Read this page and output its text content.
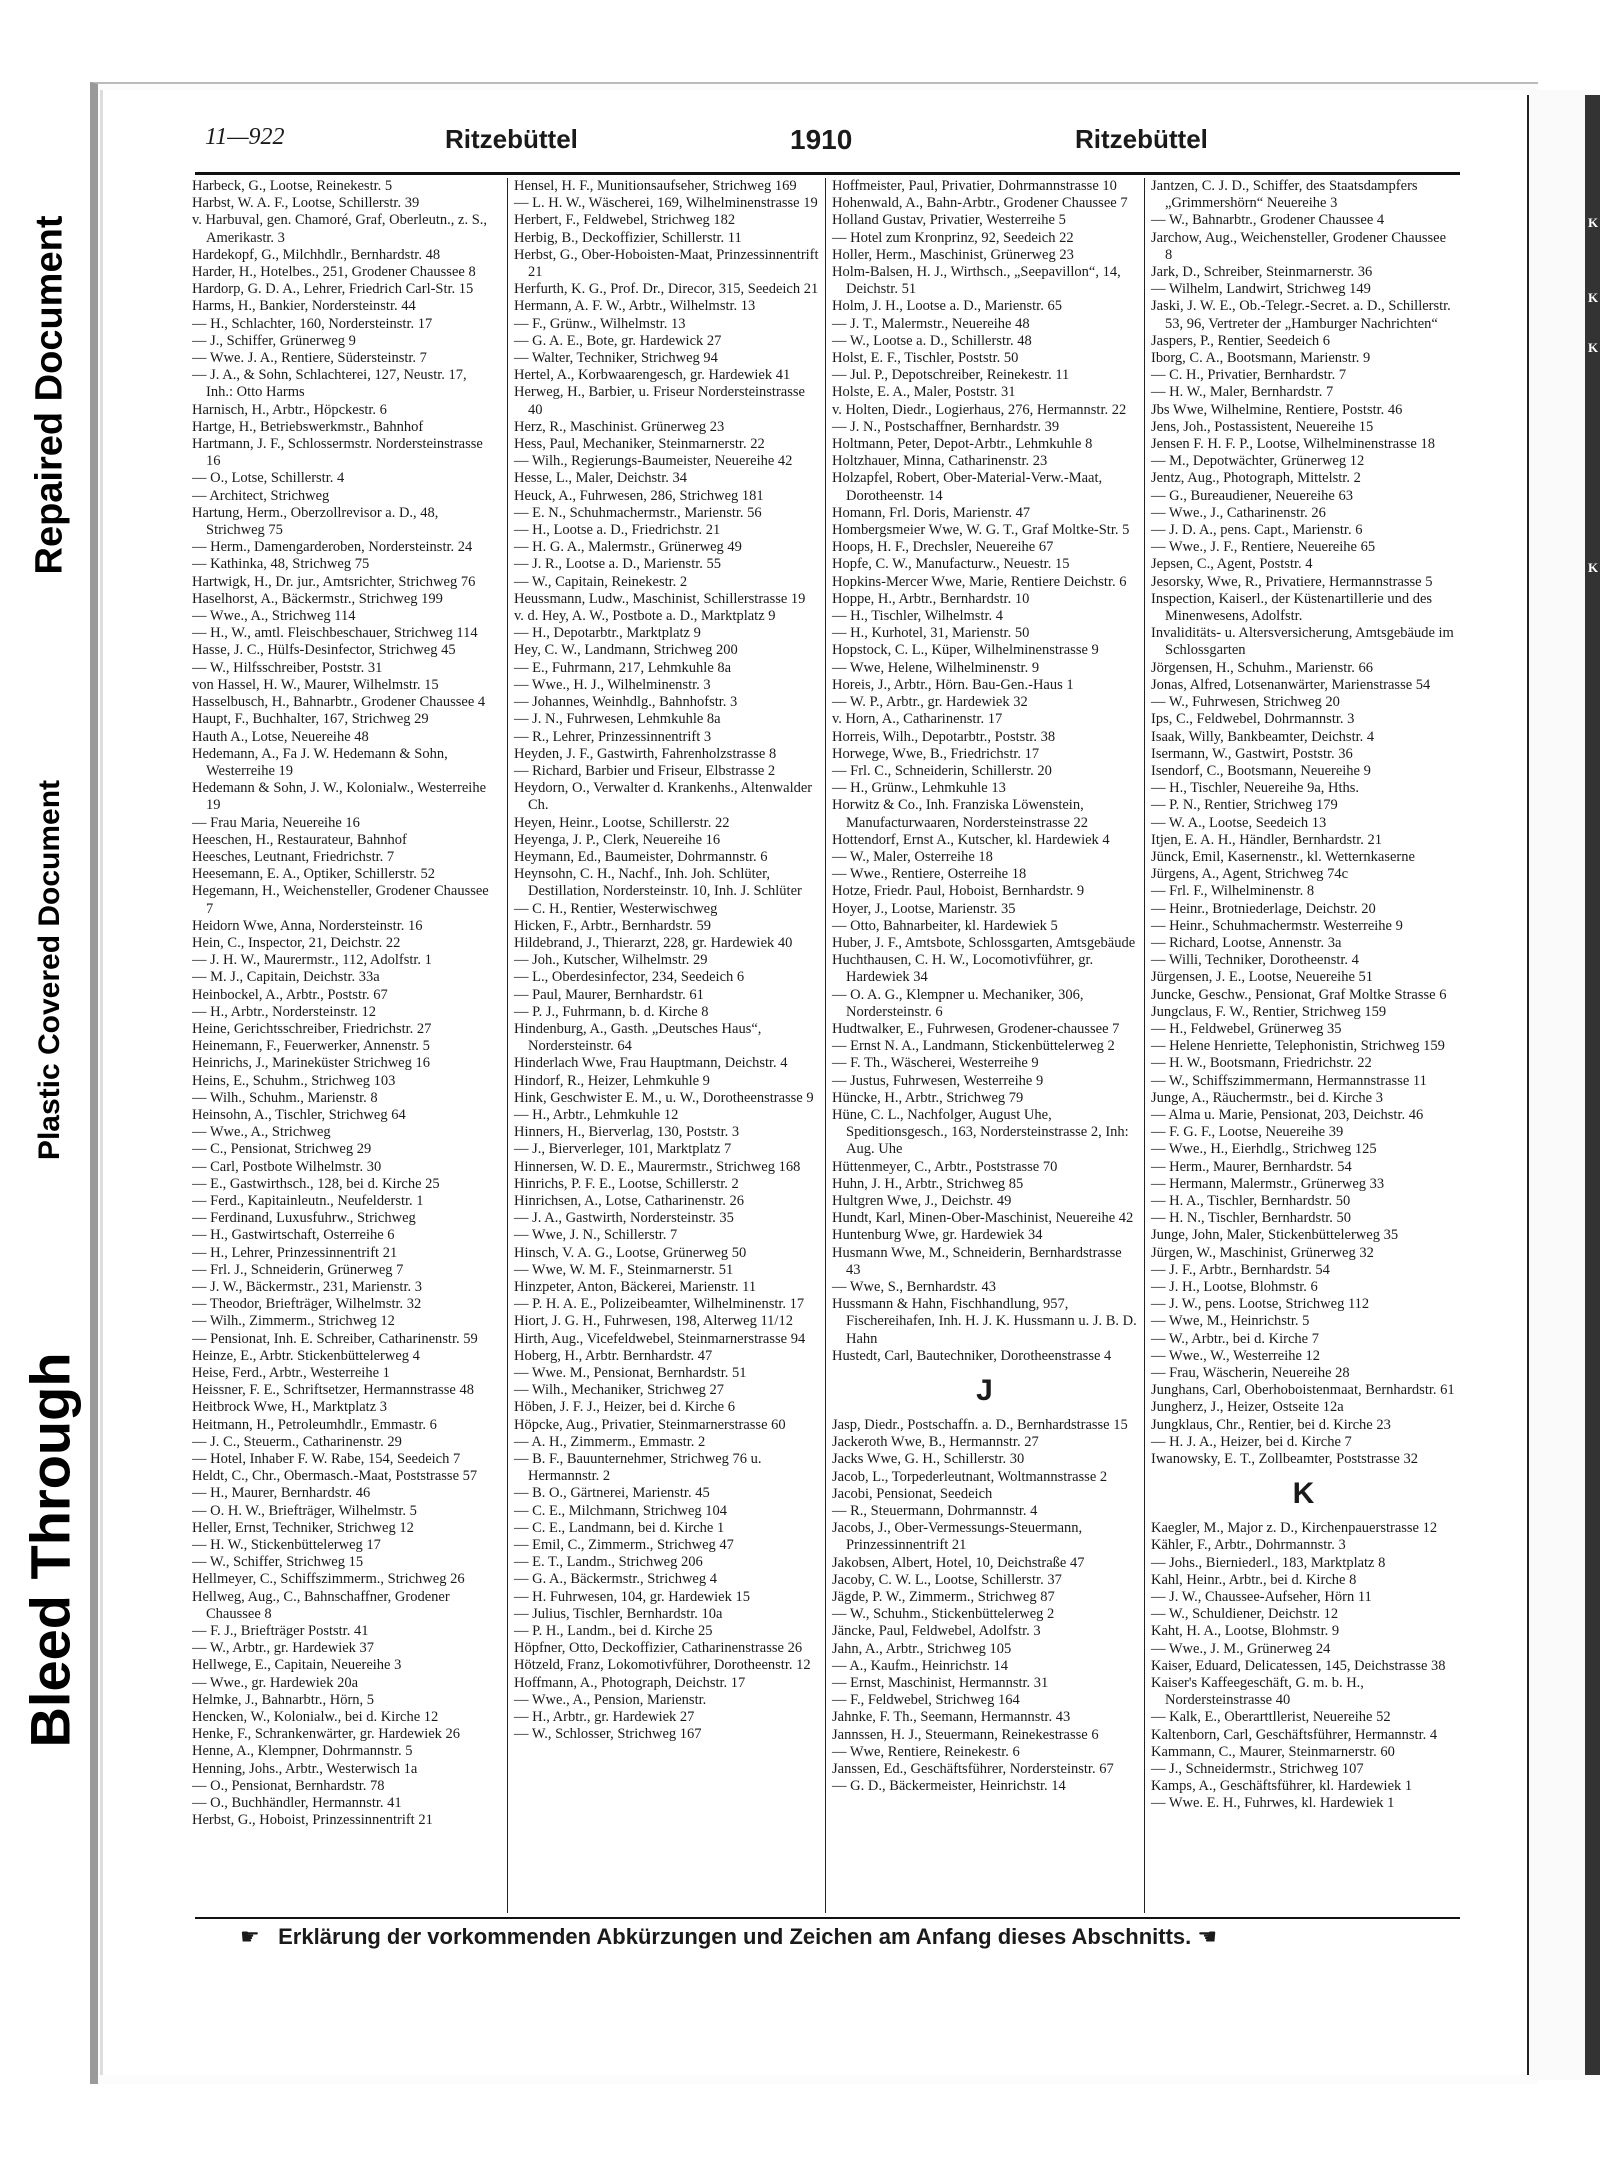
Repaired Document
Plastic Covered Document
Bleed Through
K
K
K
K
11—922	Ritzebüttel	1910	Ritzebüttel

Harbeck, G., Lootse, Reinekestr. 5

Harbst, W. A. F., Lootse, Schillerstr. 39

v. Harbuval, gen. Chamoré, Graf, Oberleutn., z. S., Amerikastr. 3

Hardekopf, G., Milchhdlr., Bernhardstr. 48

Harder, H., Hotelbes., 251, Grodener Chaussee 8

Hardorp, G. D. A., Lehrer, Friedrich Carl-Str. 15

Harms, H., Bankier, Nordersteinstr. 44

— H., Schlachter, 160, Nordersteinstr. 17

— J., Schiffer, Grünerweg 9

— Wwe. J. A., Rentiere, Südersteinstr. 7

— J. A., & Sohn, Schlachterei, 127, Neustr. 17, Inh.: Otto Harms

Harnisch, H., Arbtr., Höpckestr. 6

Hartge, H., Betriebswerkmstr., Bahnhof

Hartmann, J. F., Schlossermstr. Nordersteinstrasse 16

— O., Lotse, Schillerstr. 4

— Architect, Strichweg

Hartung, Herm., Oberzollrevisor a. D., 48, Strichweg 75

— Herm., Damengarderoben, Nordersteinstr. 24

— Kathinka, 48, Strichweg 75

Hartwigk, H., Dr. jur., Amtsrichter, Strichweg 76

Haselhorst, A., Bäckermstr., Strichweg 199

— Wwe., A., Strichweg 114

— H., W., amtl. Fleischbeschauer, Strichweg 114

Hasse, J. C., Hülfs-Desinfector, Strichweg 45

— W., Hilfsschreiber, Poststr. 31

von Hassel, H. W., Maurer, Wilhelmstr. 15

Hasselbusch, H., Bahnarbtr., Grodener Chaussee 4

Haupt, F., Buchhalter, 167, Strichweg 29

Hauth A., Lotse, Neuereihe 48

Hedemann, A., Fa J. W. Hedemann & Sohn, Westerreihe 19

Hedemann & Sohn, J. W., Kolonialw., Westerreihe 19

— Frau Maria, Neuereihe 16

Heeschen, H., Restaurateur, Bahnhof

Heesches, Leutnant, Friedrichstr. 7

Heesemann, E. A., Optiker, Schillerstr. 52

Hegemann, H., Weichensteller, Grodener Chaussee 7

Heidorn Wwe, Anna, Nordersteinstr. 16

Hein, C., Inspector, 21, Deichstr. 22

— J. H. W., Maurermstr., 112, Adolfstr. 1

— M. J., Capitain, Deichstr. 33a

Heinbockel, A., Arbtr., Poststr. 67

— H., Arbtr., Nordersteinstr. 12

Heine, Gerichtsschreiber, Friedrichstr. 27

Heinemann, F., Feuerwerker, Annenstr. 5

Heinrichs, J., Marineküster Strichweg 16

Heins, E., Schuhm., Strichweg 103

— Wilh., Schuhm., Marienstr. 8

Heinsohn, A., Tischler, Strichweg 64

— Wwe., A., Strichweg

— C., Pensionat, Strichweg 29

— Carl, Postbote Wilhelmstr. 30

— E., Gastwirthsch., 128, bei d. Kirche 25

— Ferd., Kapitainleutn., Neufelderstr. 1

— Ferdinand, Luxusfuhrw., Strichweg

— H., Gastwirtschaft, Osterreihe 6

— H., Lehrer, Prinzessinnentrift 21

— Frl. J., Schneiderin, Grünerweg 7

— J. W., Bäckermstr., 231, Marienstr. 3

— Theodor, Briefträger, Wilhelmstr. 32

— Wilh., Zimmerm., Strichweg 12

— Pensionat, Inh. E. Schreiber, Catharinenstr. 59

Heinze, E., Arbtr. Stickenbüttelerweg 4

Heise, Ferd., Arbtr., Westerreihe 1

Heissner, F. E., Schriftsetzer, Hermannstrasse 48

Heitbrock Wwe, H., Marktplatz 3

Heitmann, H., Petroleumhdlr., Emmastr. 6

— J. C., Steuerm., Catharinenstr. 29

— Hotel, Inhaber F. W. Rabe, 154, Seedeich 7

Heldt, C., Chr., Obermasch.-Maat, Poststrasse 57

— H., Maurer, Bernhardstr. 46

— O. H. W., Briefträger, Wilhelmstr. 5

Heller, Ernst, Techniker, Strichweg 12

— H. W., Stickenbüttelerweg 17

— W., Schiffer, Strichweg 15

Hellmeyer, C., Schiffszimmerm., Strichweg 26

Hellweg, Aug., C., Bahnschaffner, Grodener Chaussee 8

— F. J., Briefträger Poststr. 41

— W., Arbtr., gr. Hardewiek 37

Hellwege, E., Capitain, Neuereihe 3

— Wwe., gr. Hardewiek 20a

Helmke, J., Bahnarbtr., Hörn, 5

Hencken, W., Kolonialw., bei d. Kirche 12

Henke, F., Schrankenwärter, gr. Hardewiek 26

Henne, A., Klempner, Dohrmannstr. 5

Henning, Johs., Arbtr., Westerwisch 1a

— O., Pensionat, Bernhardstr. 78

— O., Buchhändler, Hermannstr. 41

Herbst, G., Hoboist, Prinzessinnentrift 21

Hensel, H. F., Munitionsaufseher, Strichweg 169

— L. H. W., Wäscherei, 169, Wilhelminenstrasse 19

Herbert, F., Feldwebel, Strichweg 182

Herbig, B., Deckoffizier, Schillerstr. 11

Herbst, G., Ober-Hoboisten-Maat, Prinzessinnentrift 21

Herfurth, K. G., Prof. Dr., Direcor, 315, Seedeich 21

Hermann, A. F. W., Arbtr., Wilhelmstr. 13

— F., Grünw., Wilhelmstr. 13

— G. A. E., Bote, gr. Hardewick 27

— Walter, Techniker, Strichweg 94

Hertel, A., Korbwaarengesch, gr. Hardewiek 41

Herweg, H., Barbier, u. Friseur Nordersteinstrasse 40

Herz, R., Maschinist. Grünerweg 23

Hess, Paul, Mechaniker, Steinmarnerstr. 22

— Wilh., Regierungs-Baumeister, Neuereihe 42

Hesse, L., Maler, Deichstr. 34

Heuck, A., Fuhrwesen, 286, Strichweg 181

— E. N., Schuhmachermstr., Marienstr. 56

— H., Lootse a. D., Friedrichstr. 21

— H. G. A., Malermstr., Grünerweg 49

— J. R., Lootse a. D., Marienstr. 55

— W., Capitain, Reinekestr. 2

Heussmann, Ludw., Maschinist, Schillerstrasse 19

v. d. Hey, A. W., Postbote a. D., Marktplatz 9

— H., Depotarbtr., Marktplatz 9

Hey, C. W., Landmann, Strichweg 200

— E., Fuhrmann, 217, Lehmkuhle 8a

— Wwe., H. J., Wilhelminenstr. 3

— Johannes, Weinhdlg., Bahnhofstr. 3

— J. N., Fuhrwesen, Lehmkuhle 8a

— R., Lehrer, Prinzessinnentrift 3

Heyden, J. F., Gastwirth, Fahrenholzstrasse 8

— Richard, Barbier und Friseur, Elbstrasse 2

Heydorn, O., Verwalter d. Krankenhs., Altenwalder Ch.

Heyen, Heinr., Lootse, Schillerstr. 22

Heyenga, J. P., Clerk, Neuereihe 16

Heymann, Ed., Baumeister, Dohrmannstr. 6

Heynsohn, C. H., Nachf., Inh. Joh. Schlüter, Destillation, Nordersteinstr. 10, Inh. J. Schlüter

— C. H., Rentier, Westerwischweg

Hicken, F., Arbtr., Bernhardstr. 59

Hildebrand, J., Thierarzt, 228, gr. Hardewiek 40

— Joh., Kutscher, Wilhelmstr. 29

— L., Oberdesinfector, 234, Seedeich 6

— Paul, Maurer, Bernhardstr. 61

— P. J., Fuhrmann, b. d. Kirche 8

Hindenburg, A., Gasth. „Deutsches Haus“, Nordersteinstr. 64

Hinderlach Wwe, Frau Hauptmann, Deichstr. 4

Hindorf, R., Heizer, Lehmkuhle 9

Hink, Geschwister E. M., u. W., Dorotheenstrasse 9

— H., Arbtr., Lehmkuhle 12

Hinners, H., Bierverlag, 130, Poststr. 3

— J., Bierverleger, 101, Marktplatz 7

Hinnersen, W. D. E., Maurermstr., Strichweg 168

Hinrichs, P. F. E., Lootse, Schillerstr. 2

Hinrichsen, A., Lotse, Catharinenstr. 26

— J. A., Gastwirth, Nordersteinstr. 35

— Wwe, J. N., Schillerstr. 7

Hinsch, V. A. G., Lootse, Grünerweg 50

— Wwe, W. M. F., Steinmarnerstr. 51

Hinzpeter, Anton, Bäckerei, Marienstr. 11

— P. H. A. E., Polizeibeamter, Wilhelminenstr. 17

Hiort, J. G. H., Fuhrwesen, 198, Alterweg 11/12

Hirth, Aug., Vicefeldwebel, Steinmarnerstrasse 94

Hoberg, H., Arbtr. Bernhardstr. 47

— Wwe. M., Pensionat, Bernhardstr. 51

— Wilh., Mechaniker, Strichweg 27

Höben, J. F. J., Heizer, bei d. Kirche 6

Höpcke, Aug., Privatier, Steinmarnerstrasse 60

— A. H., Zimmerm., Emmastr. 2

— B. F., Bauunternehmer, Strichweg 76 u. Hermannstr. 2

— B. O., Gärtnerei, Marienstr. 45

— C. E., Milchmann, Strichweg 104

— C. E., Landmann, bei d. Kirche 1

— Emil, C., Zimmerm., Strichweg 47

— E. T., Landm., Strichweg 206

— G. A., Bäckermstr., Strichweg 4

— H. Fuhrwesen, 104, gr. Hardewiek 15

— Julius, Tischler, Bernhardstr. 10a

— P. H., Landm., bei d. Kirche 25

Höpfner, Otto, Deckoffizier, Catharinenstrasse 26

Hötzeld, Franz, Lokomotivführer, Dorotheenstr. 12

Hoffmann, A., Photograph, Deichstr. 17

— Wwe., A., Pension, Marienstr.

— H., Arbtr., gr. Hardewiek 27

— W., Schlosser, Strichweg 167

Hoffmeister, Paul, Privatier, Dohrmannstrasse 10

Hohenwald, A., Bahn-Arbtr., Grodener Chaussee 7

Holland Gustav, Privatier, Westerreihe 5

— Hotel zum Kronprinz, 92, Seedeich 22

Holler, Herm., Maschinist, Grünerweg 23

Holm-Balsen, H. J., Wirthsch., „Seepavillon“, 14, Deichstr. 51

Holm, J. H., Lootse a. D., Marienstr. 65

— J. T., Malermstr., Neuereihe 48

— W., Lootse a. D., Schillerstr. 48

Holst, E. F., Tischler, Poststr. 50

— Jul. P., Depotschreiber, Reinekestr. 11

Holste, E. A., Maler, Poststr. 31

v. Holten, Diedr., Logierhaus, 276, Hermannstr. 22

— J. N., Postschaffner, Bernhardstr. 39

Holtmann, Peter, Depot-Arbtr., Lehmkuhle 8

Holtzhauer, Minna, Catharinenstr. 23

Holzapfel, Robert, Ober-Material-Verw.-Maat, Dorotheenstr. 14

Homann, Frl. Doris, Marienstr. 47

Hombergsmeier Wwe, W. G. T., Graf Moltke-Str. 5

Hoops, H. F., Drechsler, Neuereihe 67

Hopfe, C. W., Manufacturw., Neuestr. 15

Hopkins-Mercer Wwe, Marie, Rentiere Deichstr. 6

Hoppe, H., Arbtr., Bernhardstr. 10

— H., Tischler, Wilhelmstr. 4

— H., Kurhotel, 31, Marienstr. 50

Hopstock, C. L., Küper, Wilhelminenstrasse 9

— Wwe, Helene, Wilhelminenstr. 9

Horeis, J., Arbtr., Hörn. Bau-Gen.-Haus 1

— W. P., Arbtr., gr. Hardewiek 32

v. Horn, A., Catharinenstr. 17

Horreis, Wilh., Depotarbtr., Poststr. 38

Horwege, Wwe, B., Friedrichstr. 17

— Frl. C., Schneiderin, Schillerstr. 20

— H., Grünw., Lehmkuhle 13

Horwitz & Co., Inh. Franziska Löwenstein, Manufacturwaaren, Nordersteinstrasse 22

Hottendorf, Ernst A., Kutscher, kl. Hardewiek 4

— W., Maler, Osterreihe 18

— Wwe., Rentiere, Osterreihe 18

Hotze, Friedr. Paul, Hoboist, Bernhardstr. 9

Hoyer, J., Lootse, Marienstr. 35

— Otto, Bahnarbeiter, kl. Hardewiek 5

Huber, J. F., Amtsbote, Schlossgarten, Amtsgebäude

Huchthausen, C. H. W., Locomotivführer, gr. Hardewiek 34

— O. A. G., Klempner u. Mechaniker, 306, Nordersteinstr. 6

Hudtwalker, E., Fuhrwesen, Grodener-chaussee 7

— Ernst N. A., Landmann, Stickenbüttelerweg 2

— F. Th., Wäscherei, Westerreihe 9

— Justus, Fuhrwesen, Westerreihe 9

Hüncke, H., Arbtr., Strichweg 79

Hüne, C. L., Nachfolger, August Uhe, Speditionsgesch., 163, Nordersteinstrasse 2, Inh: Aug. Uhe

Hüttenmeyer, C., Arbtr., Poststrasse 70

Huhn, J. H., Arbtr., Strichweg 85

Hultgren Wwe, J., Deichstr. 49

Hundt, Karl, Minen-Ober-Maschinist, Neuereihe 42

Huntenburg Wwe, gr. Hardewiek 34

Husmann Wwe, M., Schneiderin, Bernhardstrasse 43

— Wwe, S., Bernhardstr. 43

Hussmann & Hahn, Fischhandlung, 957, Fischereihafen, Inh. H. J. K. Hussmann u. J. B. D. Hahn

Hustedt, Carl, Bautechniker, Dorotheenstrasse 4

J

Jasp, Diedr., Postschaffn. a. D., Bernhardstrasse 15

Jackeroth Wwe, B., Hermannstr. 27

Jacks Wwe, G. H., Schillerstr. 30

Jacob, L., Torpederleutnant, Woltmannstrasse 2

Jacobi, Pensionat, Seedeich

— R., Steuermann, Dohrmannstr. 4

Jacobs, J., Ober-Vermessungs-Steuermann, Prinzessinnentrift 21

Jakobsen, Albert, Hotel, 10, Deichstraße 47

Jacoby, C. W. L., Lootse, Schillerstr. 37

Jägde, P. W., Zimmerm., Strichweg 87

— W., Schuhm., Stickenbüttelerweg 2

Jäncke, Paul, Feldwebel, Adolfstr. 3

Jahn, A., Arbtr., Strichweg 105

— A., Kaufm., Heinrichstr. 14

— Ernst, Maschinist, Hermannstr. 31

— F., Feldwebel, Strichweg 164

Jahnke, F. Th., Seemann, Hermannstr. 43

Jannssen, H. J., Steuermann, Reinekestrasse 6

— Wwe, Rentiere, Reinekestr. 6

Janssen, Ed., Geschäftsführer, Nordersteinstr. 67

— G. D., Bäckermeister, Heinrichstr. 14

Jantzen, C. J. D., Schiffer, des Staatsdampfers „Grimmershörn“ Neuereihe 3

— W., Bahnarbtr., Grodener Chaussee 4

Jarchow, Aug., Weichensteller, Grodener Chaussee 8

Jark, D., Schreiber, Steinmarnerstr. 36

— Wilhelm, Landwirt, Strichweg 149

Jaski, J. W. E., Ob.-Telegr.-Secret. a. D., Schillerstr. 53, 96, Vertreter der „Hamburger Nachrichten“

Jaspers, P., Rentier, Seedeich 6

Iborg, C. A., Bootsmann, Marienstr. 9

— C. H., Privatier, Bernhardstr. 7

— H. W., Maler, Bernhardstr. 7

Jbs Wwe, Wilhelmine, Rentiere, Poststr. 46

Jens, Joh., Postassistent, Neuereihe 15

Jensen F. H. F. P., Lootse, Wilhelminenstrasse 18

— M., Depotwächter, Grünerweg 12

Jentz, Aug., Photograph, Mittelstr. 2

— G., Bureaudiener, Neuereihe 63

— Wwe., J., Catharinenstr. 26

— J. D. A., pens. Capt., Marienstr. 6

— Wwe., J. F., Rentiere, Neuereihe 65

Jepsen, C., Agent, Poststr. 4

Jesorsky, Wwe, R., Privatiere, Hermannstrasse 5

Inspection, Kaiserl., der Küstenartillerie und des Minenwesens, Adolfstr.

Invaliditäts- u. Altersversicherung, Amtsgebäude im Schlossgarten

Jörgensen, H., Schuhm., Marienstr. 66

Jonas, Alfred, Lotsenanwärter, Marienstrasse 54

— W., Fuhrwesen, Strichweg 20

Ips, C., Feldwebel, Dohrmannstr. 3

Isaak, Willy, Bankbeamter, Deichstr. 4

Isermann, W., Gastwirt, Poststr. 36

Isendorf, C., Bootsmann, Neuereihe 9

— H., Tischler, Neuereihe 9a, Hths.

— P. N., Rentier, Strichweg 179

— W. A., Lootse, Seedeich 13

Itjen, E. A. H., Händler, Bernhardstr. 21

Jünck, Emil, Kasernenstr., kl. Wetternkaserne

Jürgens, A., Agent, Strichweg 74c

— Frl. F., Wilhelminenstr. 8

— Heinr., Brotniederlage, Deichstr. 20

— Heinr., Schuhmachermstr. Westerreihe 9

— Richard, Lootse, Annenstr. 3a

— Willi, Techniker, Dorotheenstr. 4

Jürgensen, J. E., Lootse, Neuereihe 51

Juncke, Geschw., Pensionat, Graf Moltke Strasse 6

Jungclaus, F. W., Rentier, Strichweg 159

— H., Feldwebel, Grünerweg 35

— Helene Henriette, Telephonistin, Strichweg 159

— H. W., Bootsmann, Friedrichstr. 22

— W., Schiffszimmermann, Hermannstrasse 11

Junge, A., Räuchermstr., bei d. Kirche 3

— Alma u. Marie, Pensionat, 203, Deichstr. 46

— F. G. F., Lootse, Neuereihe 39

— Wwe., H., Eierhdlg., Strichweg 125

— Herm., Maurer, Bernhardstr. 54

— Hermann, Malermstr., Grünerweg 33

— H. A., Tischler, Bernhardstr. 50

— H. N., Tischler, Bernhardstr. 50

Junge, John, Maler, Stickenbüttelerweg 35

Jürgen, W., Maschinist, Grünerweg 32

— J. F., Arbtr., Bernhardstr. 54

— J. H., Lootse, Blohmstr. 6

— J. W., pens. Lootse, Strichweg 112

— Wwe, M., Heinrichstr. 5

— W., Arbtr., bei d. Kirche 7

— Wwe., W., Westerreihe 12

— Frau, Wäscherin, Neuereihe 28

Junghans, Carl, Oberhoboistenmaat, Bernhardstr. 61

Jungherz, J., Heizer, Ostseite 12a

Jungklaus, Chr., Rentier, bei d. Kirche 23

— H. J. A., Heizer, bei d. Kirche 7

Iwanowsky, E. T., Zollbeamter, Poststrasse 32

K

Kaegler, M., Major z. D., Kirchenpauerstrasse 12

Kähler, F., Arbtr., Dohrmannstr. 3

— Johs., Bierniederl., 183, Marktplatz 8

Kahl, Heinr., Arbtr., bei d. Kirche 8

— J. W., Chaussee-Aufseher, Hörn 11

— W., Schuldiener, Deichstr. 12

Kaht, H. A., Lootse, Blohmstr. 9

— Wwe., J. M., Grünerweg 24

Kaiser, Eduard, Delicatessen, 145, Deichstrasse 38

Kaiser's Kaffeegeschäft, G. m. b. H., Nordersteinstrasse 40

— Kalk, E., Oberarttllerist, Neuereihe 52

Kaltenborn, Carl, Geschäftsführer, Hermannstr. 4

Kammann, C., Maurer, Steinmarnerstr. 60

— J., Schneidermstr., Strichweg 107

Kamps, A., Geschäftsführer, kl. Hardewiek 1

— Wwe. E. H., Fuhrwes, kl. Hardewiek 1

☛ Erklärung der vorkommenden Abkürzungen und Zeichen am Anfang dieses Abschnitts. ☚
